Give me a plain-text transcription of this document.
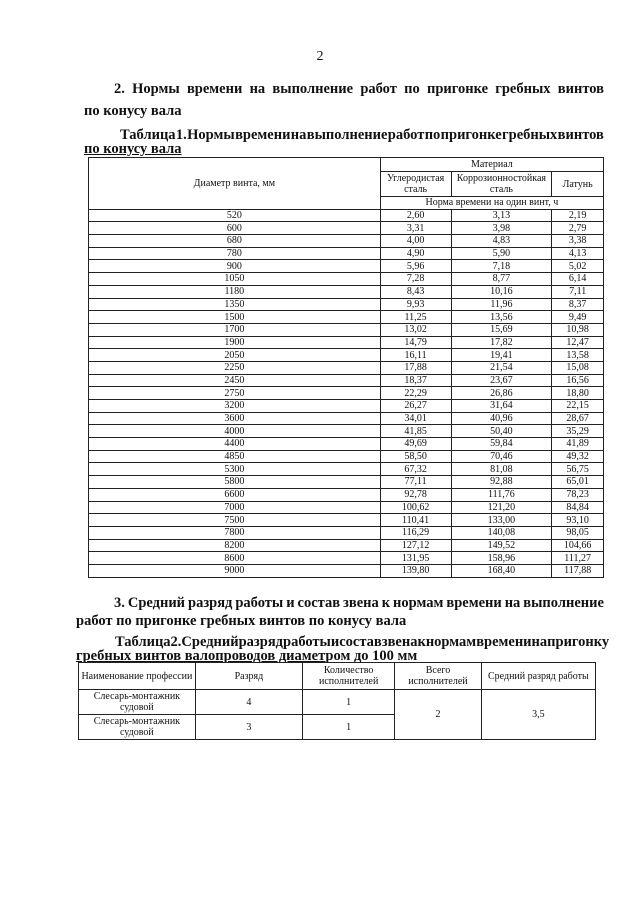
2
2. Нормы времени на выполнение работ по пригонке гребных винтов
по конусу вала
Таблица 1. Нормы времени на выполнение работ по пригонке гребных винтов
по конусу вала
Диаметр винта, мм	Материал		
	Углеродистая сталь	Коррозионностойкая сталь	Латунь
	Норма времени на один винт, ч		
520	2,60	3,13	2,19
600	3,31	3,98	2,79
680	4,00	4,83	3,38
780	4,90	5,90	4,13
900	5,96	7,18	5,02
1050	7,28	8,77	6,14
1180	8,43	10,16	7,11
1350	9,93	11,96	8,37
1500	11,25	13,56	9,49
1700	13,02	15,69	10,98
1900	14,79	17,82	12,47
2050	16,11	19,41	13,58
2250	17,88	21,54	15,08
2450	18,37	23,67	16,56
2750	22,29	26,86	18,80
3200	26,27	31,64	22,15
3600	34,01	40,96	28,67
4000	41,85	50,40	35,29
4400	49,69	59,84	41,89
4850	58,50	70,46	49,32
5300	67,32	81,08	56,75
5800	77,11	92,88	65,01
6600	92,78	111,76	78,23
7000	100,62	121,20	84,84
7500	110,41	133,00	93,10
7800	116,29	140,08	98,05
8200	127,12	149,52	104,66
8600	131,95	158,96	111,27
9000	139,80	168,40	117,88
3. Средний разряд работы и состав звена к нормам времени на выполнение
работ по пригонке гребных винтов по конусу вала
Таблица 2. Средний разряд работы и состав звена к нормам времени на пригонку
гребных винтов валопроводов диаметром до 100 мм
Наименование профессии	Разряд	Количество исполнителей	Всего исполнителей	Средний разряд работы
Слесарь-монтажник судовой	4	1	2	3,5
Слесарь-монтажник судовой	3	1		
